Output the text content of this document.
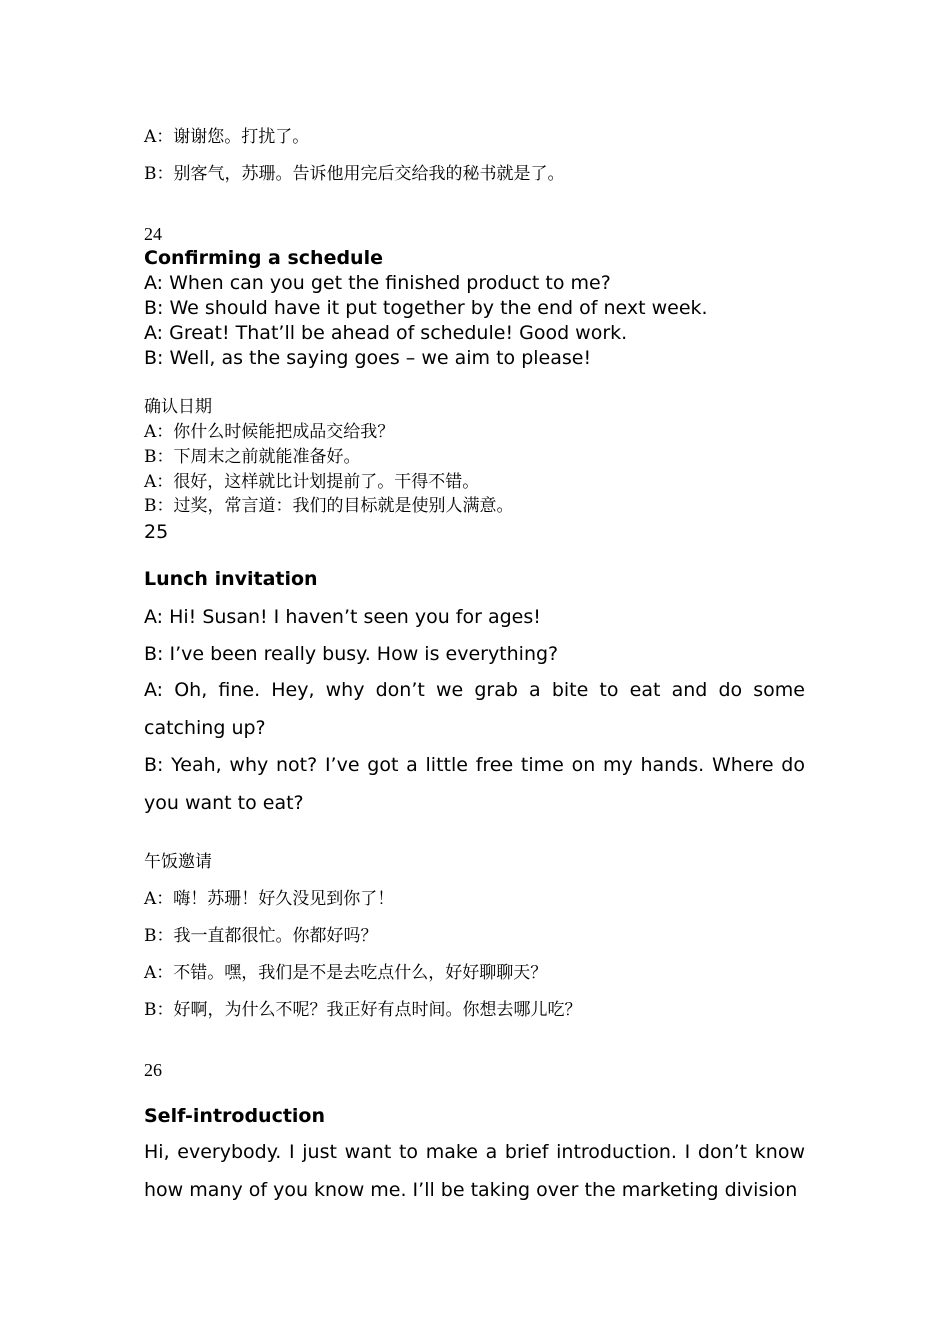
A：谢谢您。打扰了。

B：别客气，苏珊。告诉他用完后交给我的秘书就是了。

24

Confirming a schedule

A: When can you get the finished product to me?

B: We should have it put together by the end of next week.

A: Great! That’ll be ahead of schedule! Good work.

B: Well, as the saying goes – we aim to please!

确认日期

A：你什么时候能把成品交给我？

B：下周末之前就能准备好。

A：很好，这样就比计划提前了。干得不错。

B：过奖，常言道：我们的目标就是使别人满意。

25

Lunch invitation

A: Hi! Susan! I haven’t seen you for ages!

B: I’ve been really busy. How is everything?

A: Oh, fine. Hey, why don’t we grab a bite to eat and do some catching up?

B: Yeah, why not? I’ve got a little free time on my hands. Where do you want to eat?

午饭邀请

A：嗨！苏珊！好久没见到你了！

B：我一直都很忙。你都好吗？

A：不错。嘿，我们是不是去吃点什么，好好聊聊天？

B：好啊，为什么不呢？我正好有点时间。你想去哪儿吃？

26

Self-introduction

Hi, everybody. I just want to make a brief introduction. I don’t know how many of you know me. I’ll be taking over the marketing division
